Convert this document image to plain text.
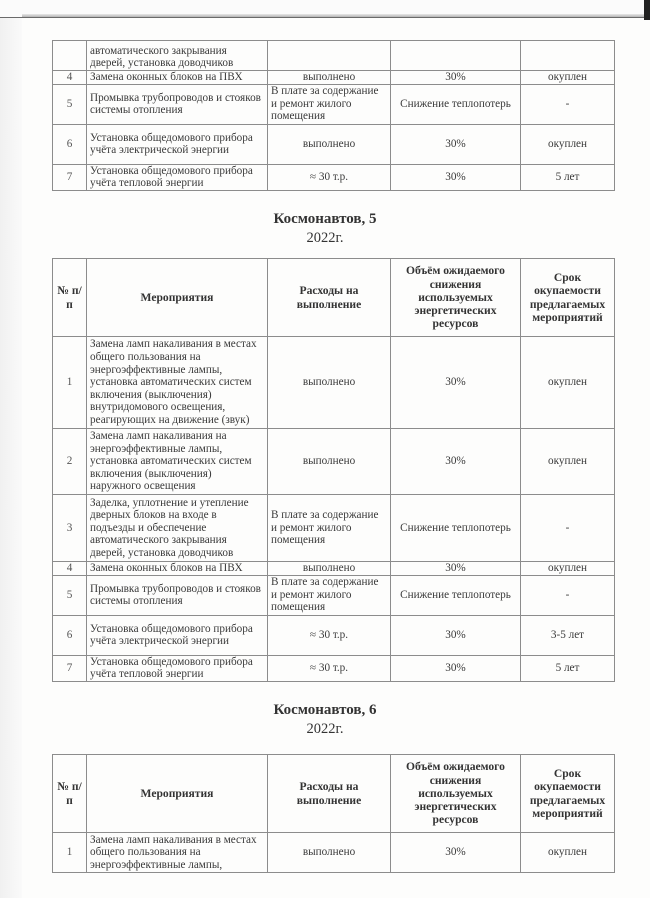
	автоматического закрывания дверей, установка доводчиков			
4	Замена оконных блоков на ПВХ	выполнено	30%	окуплен
5	Промывка трубопроводов и стояков системы отопления	В плате за содержание и ремонт жилого помещения	Снижение теплопотерь	-
6	Установка общедомового прибора учёта электрической энергии	выполнено	30%	окуплен
7	Установка общедомового прибора учёта тепловой энергии	≈ 30 т.р.	30%	5 лет
Космонавтов, 5
2022г.
№ п/п	Мероприятия	Расходы на выполнение	Объём ожидаемого снижения используемых энергетических ресурсов	Срок окупаемости предлагаемых мероприятий
1	Замена ламп накаливания в местах общего пользования на энергоэффективные лампы, установка автоматических систем включения (выключения) внутридомового освещения, реагирующих на движение (звук)	выполнено	30%	окуплен
2	Замена ламп накаливания на энергоэффективные лампы, установка автоматических систем включения (выключения) наружного освещения	выполнено	30%	окуплен
3	Заделка, уплотнение и утепление дверных блоков на входе в подъезды и обеспечение автоматического закрывания дверей, установка доводчиков	В плате за содержание и ремонт жилого помещения	Снижение теплопотерь	-
4	Замена оконных блоков на ПВХ	выполнено	30%	окуплен
5	Промывка трубопроводов и стояков системы отопления	В плате за содержание и ремонт жилого помещения	Снижение теплопотерь	-
6	Установка общедомового прибора учёта электрической энергии	≈ 30 т.р.	30%	3-5 лет
7	Установка общедомового прибора учёта тепловой энергии	≈ 30 т.р.	30%	5 лет
Космонавтов, 6
2022г.
№ п/п	Мероприятия	Расходы на выполнение	Объём ожидаемого снижения используемых энергетических ресурсов	Срок окупаемости предлагаемых мероприятий
1	Замена ламп накаливания в местах общего пользования на энергоэффективные лампы,	выполнено	30%	окуплен
